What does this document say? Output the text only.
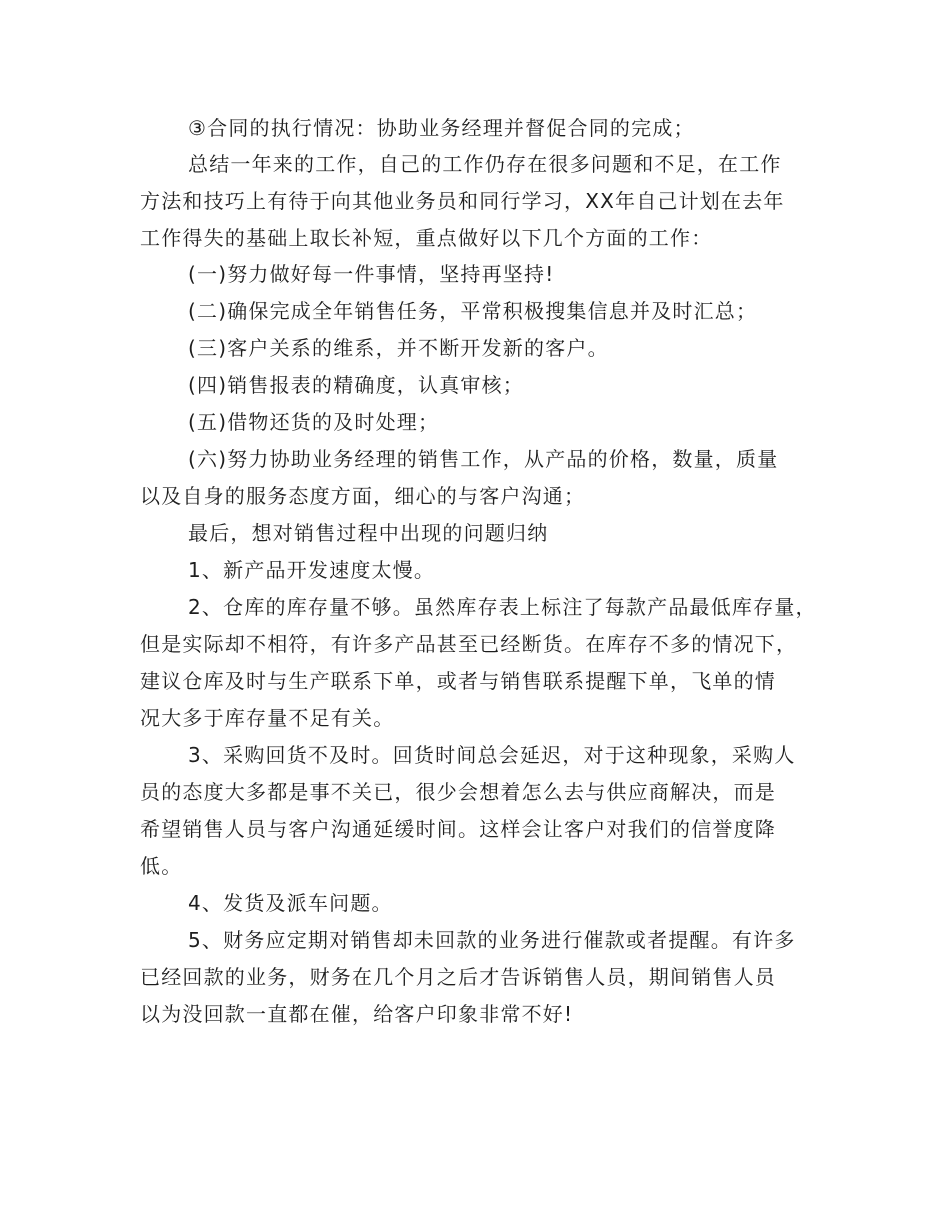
③合同的执行情况：协助业务经理并督促合同的完成；
总结一年来的工作，自己的工作仍存在很多问题和不足，在工作
方法和技巧上有待于向其他业务员和同行学习，XX年自己计划在去年
工作得失的基础上取长补短，重点做好以下几个方面的工作：
(一)努力做好每一件事情，坚持再坚持!
(二)确保完成全年销售任务，平常积极搜集信息并及时汇总；
(三)客户关系的维系，并不断开发新的客户。
(四)销售报表的精确度，认真审核；
(五)借物还货的及时处理；
(六)努力协助业务经理的销售工作，从产品的价格，数量，质量
以及自身的服务态度方面，细心的与客户沟通；
最后，想对销售过程中出现的问题归纳
1、新产品开发速度太慢。
2、仓库的库存量不够。虽然库存表上标注了每款产品最低库存量，
但是实际却不相符，有许多产品甚至已经断货。在库存不多的情况下，
建议仓库及时与生产联系下单，或者与销售联系提醒下单，飞单的情
况大多于库存量不足有关。
3、采购回货不及时。回货时间总会延迟，对于这种现象，采购人
员的态度大多都是事不关已，很少会想着怎么去与供应商解决，而是
希望销售人员与客户沟通延缓时间。这样会让客户对我们的信誉度降
低。
4、发货及派车问题。
5、财务应定期对销售却未回款的业务进行催款或者提醒。有许多
已经回款的业务，财务在几个月之后才告诉销售人员，期间销售人员
以为没回款一直都在催，给客户印象非常不好!
